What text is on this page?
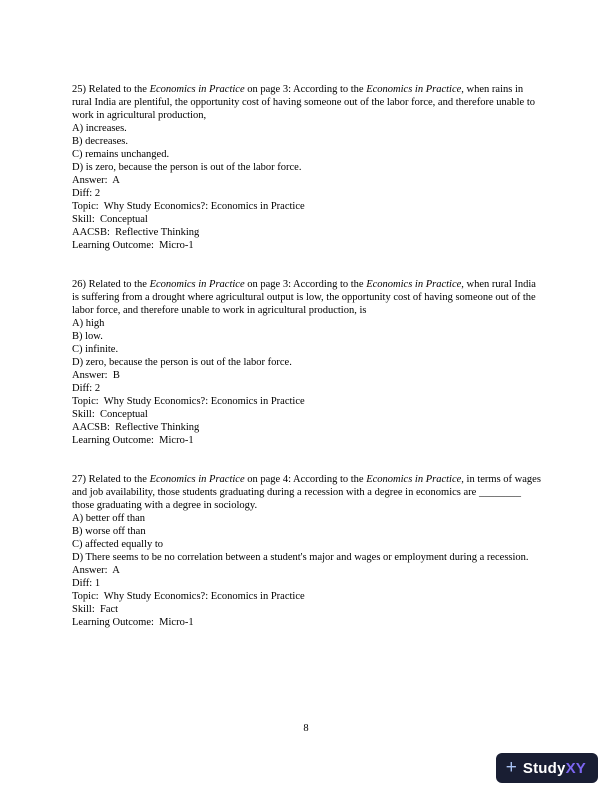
25) Related to the Economics in Practice on page 3: According to the Economics in Practice, when rains in rural India are plentiful, the opportunity cost of having someone out of the labor force, and therefore unable to work in agricultural production,

A) increases.

B) decreases.

C) remains unchanged.

D) is zero, because the person is out of the labor force.

Answer:  A

Diff: 2

Topic:  Why Study Economics?: Economics in Practice

Skill:  Conceptual

AACSB:  Reflective Thinking

Learning Outcome:  Micro-1

26) Related to the Economics in Practice on page 3: According to the Economics in Practice, when rural India is suffering from a drought where agricultural output is low, the opportunity cost of having someone out of the labor force, and therefore unable to work in agricultural production, is

A) high

B) low.

C) infinite.

D) zero, because the person is out of the labor force.

Answer:  B

Diff: 2

Topic:  Why Study Economics?: Economics in Practice

Skill:  Conceptual

AACSB:  Reflective Thinking

Learning Outcome:  Micro-1

27) Related to the Economics in Practice on page 4: According to the Economics in Practice, in terms of wages and job availability, those students graduating during a recession with a degree in economics are ________ those graduating with a degree in sociology.

A) better off than

B) worse off than

C) affected equally to

D) There seems to be no correlation between a student's major and wages or employment during a recession.

Answer:  A

Diff: 1

Topic:  Why Study Economics?: Economics in Practice

Skill:  Fact

Learning Outcome:  Micro-1

8
+ Study XY
